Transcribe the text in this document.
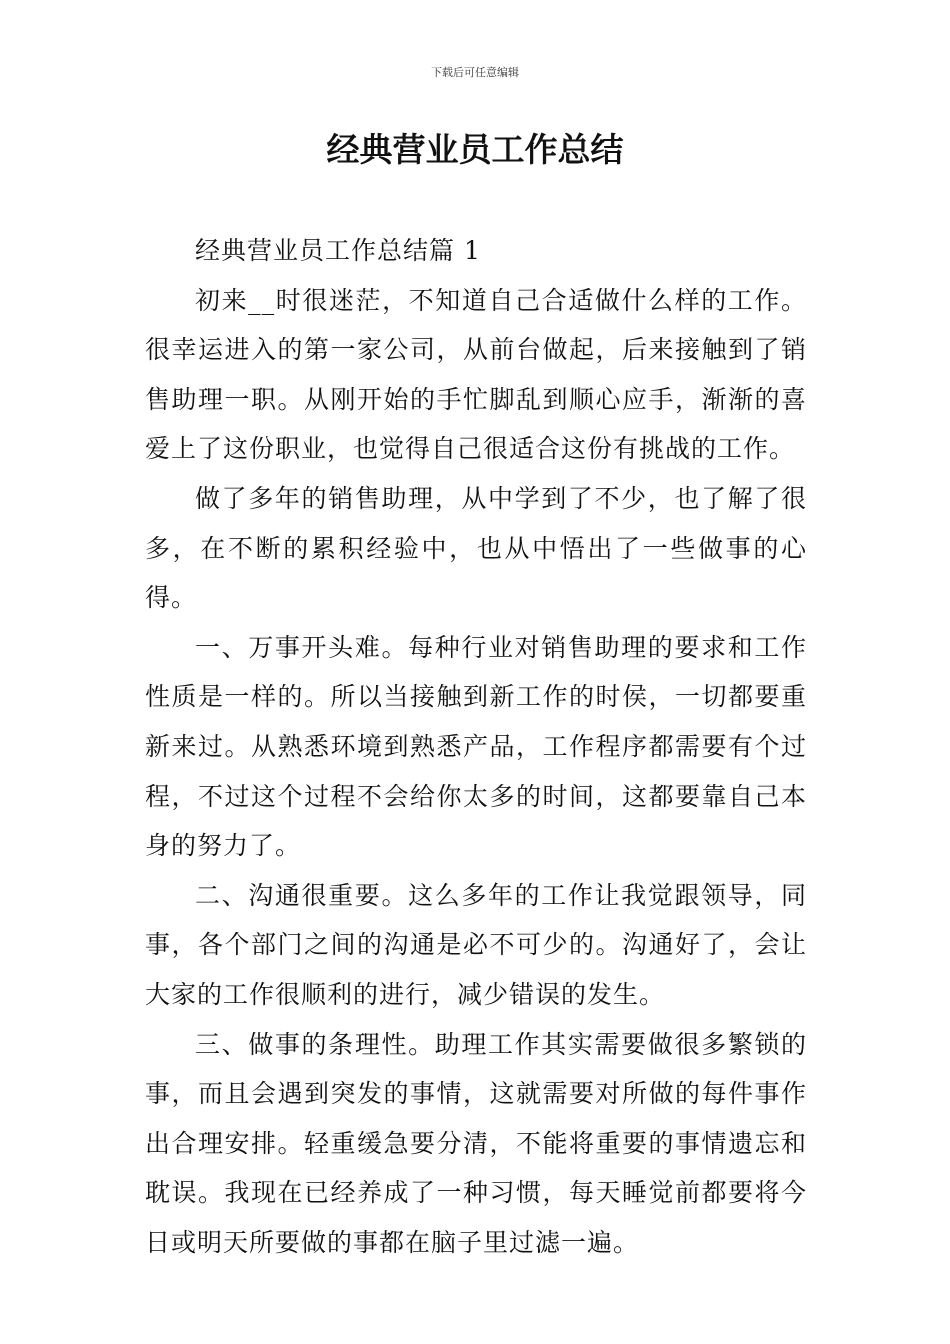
下载后可任意编辑
经典营业员工作总结

经典营业员工作总结篇 1

初来__时很迷茫，不知道自己合适做什么样的工作。很幸运进入的第一家公司，从前台做起，后来接触到了销售助理一职。从刚开始的手忙脚乱到顺心应手，渐渐的喜爱上了这份职业，也觉得自己很适合这份有挑战的工作。

做了多年的销售助理，从中学到了不少，也了解了很多，在不断的累积经验中，也从中悟出了一些做事的心得。

一、万事开头难。每种行业对销售助理的要求和工作性质是一样的。所以当接触到新工作的时侯，一切都要重新来过。从熟悉环境到熟悉产品，工作程序都需要有个过程，不过这个过程不会给你太多的时间，这都要靠自己本身的努力了。

二、沟通很重要。这么多年的工作让我觉跟领导，同事，各个部门之间的沟通是必不可少的。沟通好了，会让大家的工作很顺利的进行，减少错误的发生。

三、做事的条理性。助理工作其实需要做很多繁锁的事，而且会遇到突发的事情，这就需要对所做的每件事作出合理安排。轻重缓急要分清，不能将重要的事情遗忘和耽误。我现在已经养成了一种习惯，每天睡觉前都要将今日或明天所要做的事都在脑子里过滤一遍。
